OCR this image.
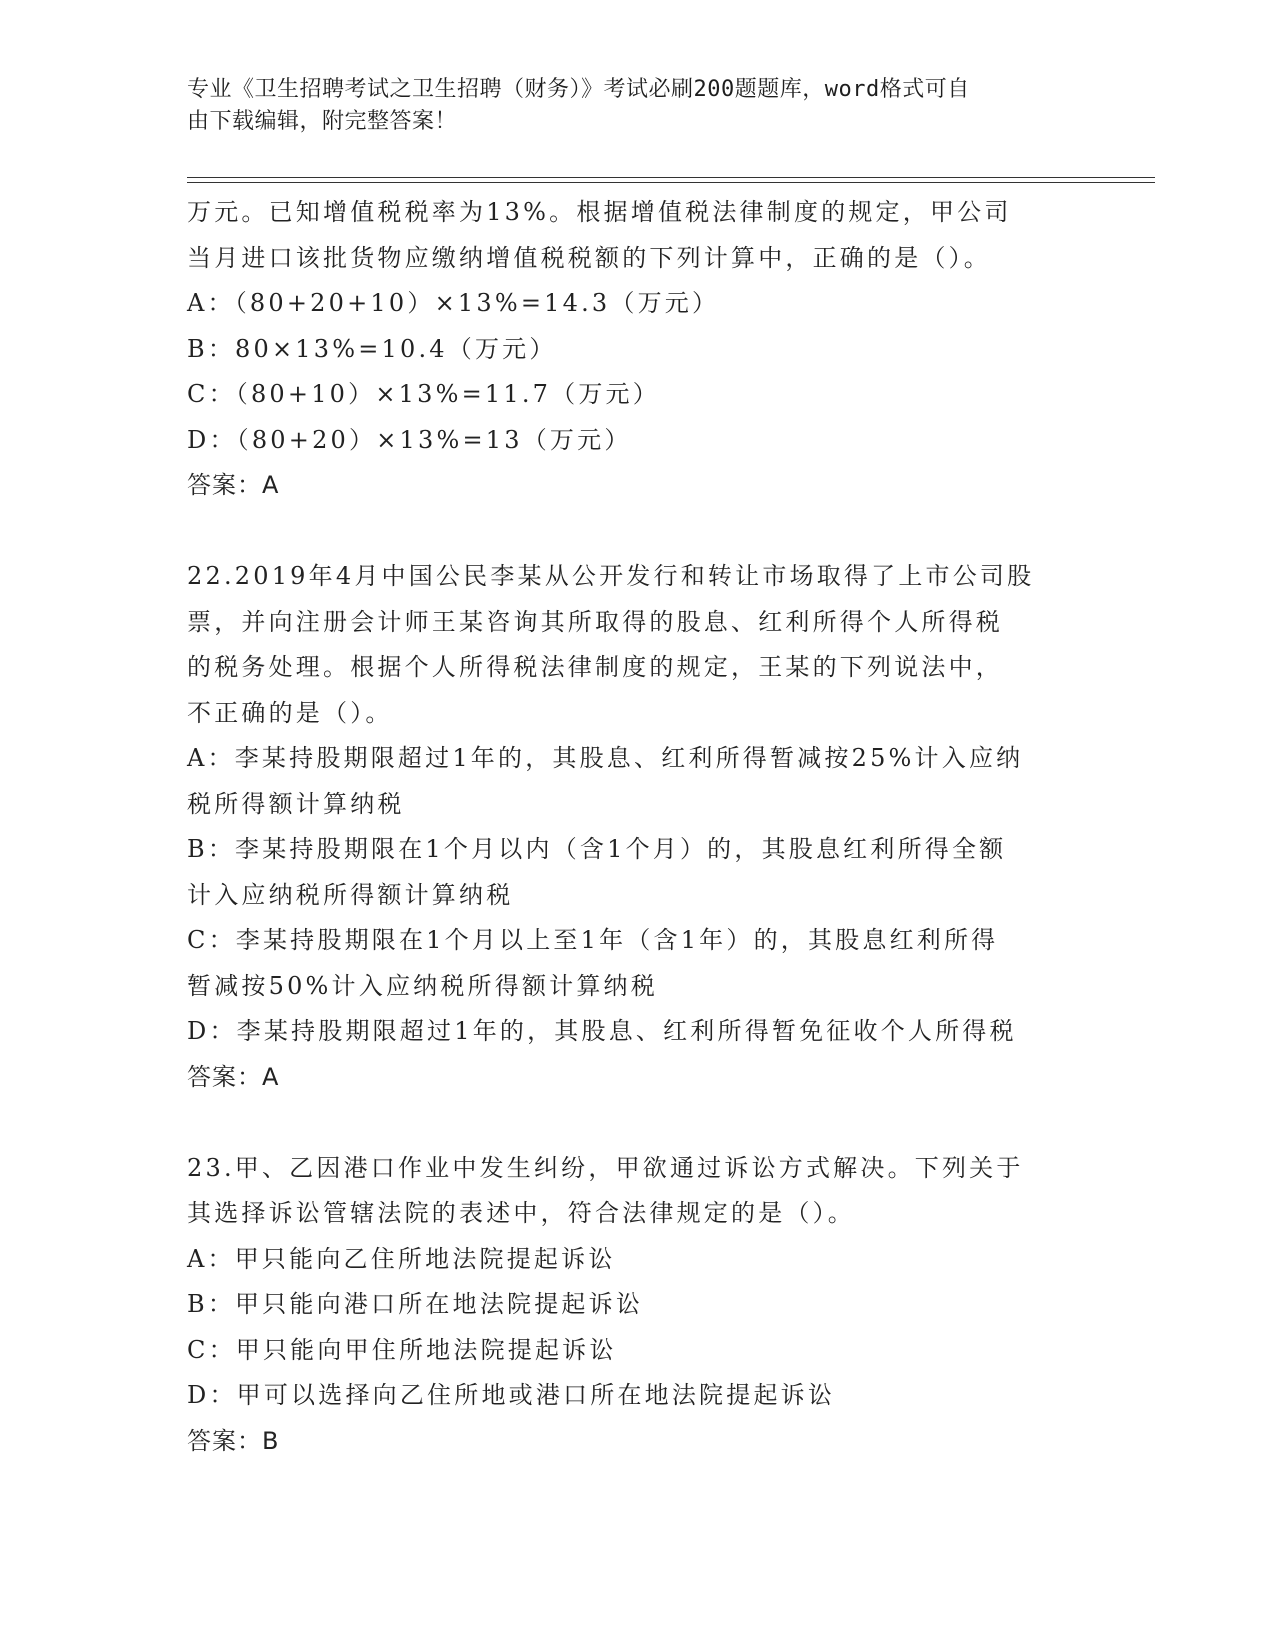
专业《卫生招聘考试之卫生招聘（财务）》考试必刷200题题库，word格式可自
由下载编辑，附完整答案！
万元。已知增值税税率为13%。根据增值税法律制度的规定，甲公司
当月进口该批货物应缴纳增值税税额的下列计算中，正确的是（）。
A：（80+20+10）×13%=14.3（万元）
B：80×13%=10.4（万元）
C：（80+10）×13%=11.7（万元）
D：（80+20）×13%=13（万元）
答案：A
22.2019年4月中国公民李某从公开发行和转让市场取得了上市公司股
票，并向注册会计师王某咨询其所取得的股息、红利所得个人所得税
的税务处理。根据个人所得税法律制度的规定，王某的下列说法中，
不正确的是（）。
A：李某持股期限超过1年的，其股息、红利所得暂减按25%计入应纳
税所得额计算纳税
B：李某持股期限在1个月以内（含1个月）的，其股息红利所得全额
计入应纳税所得额计算纳税
C：李某持股期限在1个月以上至1年（含1年）的，其股息红利所得
暂减按50%计入应纳税所得额计算纳税
D：李某持股期限超过1年的，其股息、红利所得暂免征收个人所得税
答案：A
23.甲、乙因港口作业中发生纠纷，甲欲通过诉讼方式解决。下列关于
其选择诉讼管辖法院的表述中，符合法律规定的是（）。
A：甲只能向乙住所地法院提起诉讼
B：甲只能向港口所在地法院提起诉讼
C：甲只能向甲住所地法院提起诉讼
D：甲可以选择向乙住所地或港口所在地法院提起诉讼
答案：B
